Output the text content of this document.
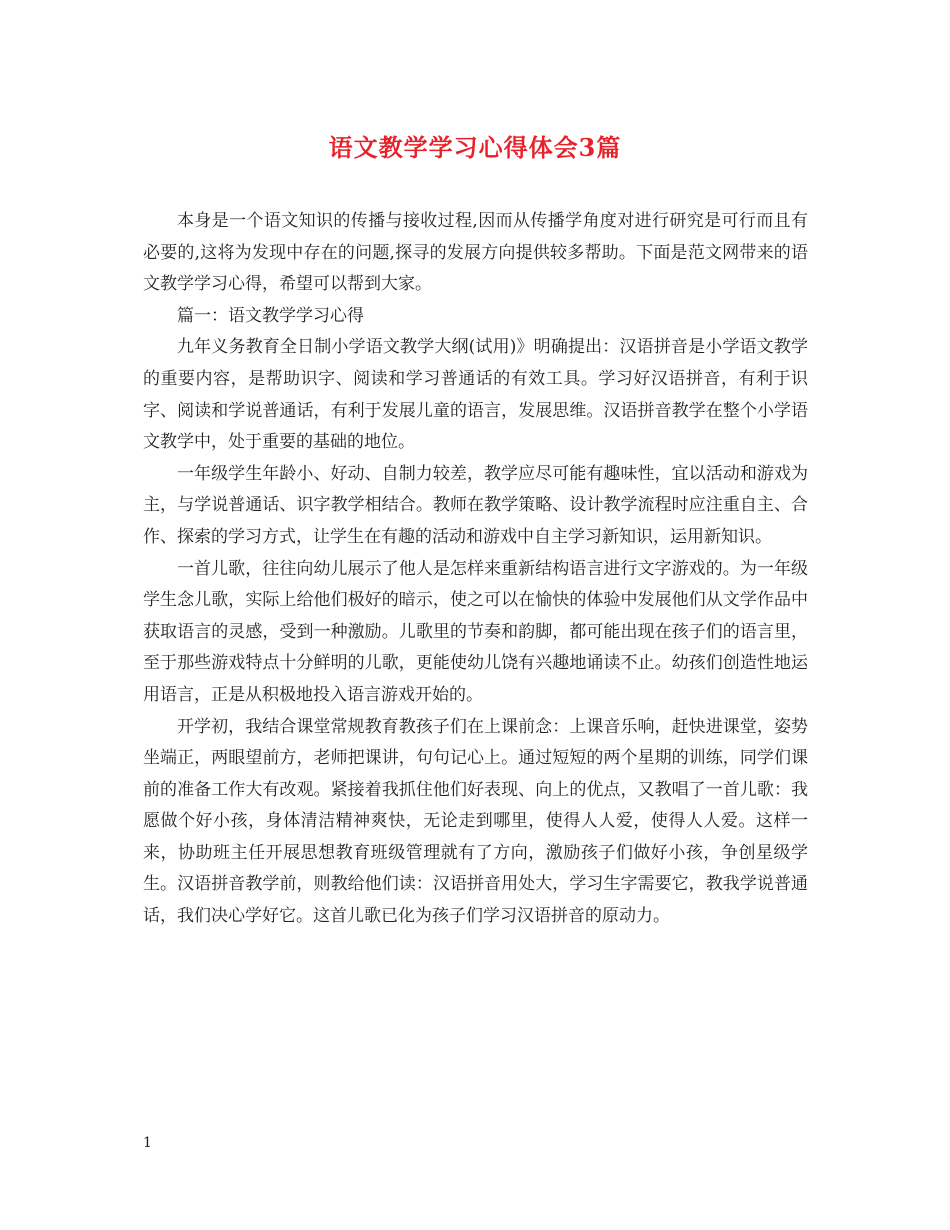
语文教学学习心得体会3篇

本身是一个语文知识的传播与接收过程,因而从传播学角度对进行研究是可行而且有必要的,这将为发现中存在的问题,探寻的发展方向提供较多帮助。下面是范文网带来的语文教学学习心得，希望可以帮到大家。

篇一：语文教学学习心得

九年义务教育全日制小学语文教学大纲(试用)》明确提出：汉语拼音是小学语文教学的重要内容，是帮助识字、阅读和学习普通话的有效工具。学习好汉语拼音，有利于识字、阅读和学说普通话，有利于发展儿童的语言，发展思维。汉语拼音教学在整个小学语文教学中，处于重要的基础的地位。

一年级学生年龄小、好动、自制力较差，教学应尽可能有趣味性，宜以活动和游戏为主，与学说普通话、识字教学相结合。教师在教学策略、设计教学流程时应注重自主、合作、探索的学习方式，让学生在有趣的活动和游戏中自主学习新知识，运用新知识。

一首儿歌，往往向幼儿展示了他人是怎样来重新结构语言进行文字游戏的。为一年级学生念儿歌，实际上给他们极好的暗示，使之可以在愉快的体验中发展他们从文学作品中获取语言的灵感，受到一种激励。儿歌里的节奏和韵脚，都可能出现在孩子们的语言里，至于那些游戏特点十分鲜明的儿歌，更能使幼儿饶有兴趣地诵读不止。幼孩们创造性地运用语言，正是从积极地投入语言游戏开始的。

开学初，我结合课堂常规教育教孩子们在上课前念：上课音乐响，赶快进课堂，姿势坐端正，两眼望前方，老师把课讲，句句记心上。通过短短的两个星期的训练，同学们课前的准备工作大有改观。紧接着我抓住他们好表现、向上的优点，又教唱了一首儿歌：我愿做个好小孩，身体清洁精神爽快，无论走到哪里，使得人人爱，使得人人爱。这样一来，协助班主任开展思想教育班级管理就有了方向，激励孩子们做好小孩，争创星级学生。汉语拼音教学前，则教给他们读：汉语拼音用处大，学习生字需要它，教我学说普通话，我们决心学好它。这首儿歌已化为孩子们学习汉语拼音的原动力。

1
